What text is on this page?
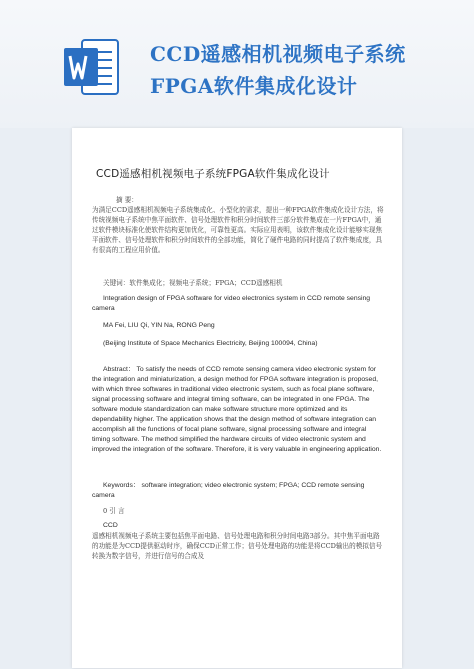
CCD遥感相机视频电子系统
FPGA软件集成化设计
CCD遥感相机视频电子系统FPGA软件集成化设计

摘 要：
为满足CCD遥感相机视频电子系统集成化、小型化的需求，提出一种FPGA软件集成化设计方法，将传统视频电子系统中焦平面软件、信号处理软件和积分时间软件三部分软件集成在一片FPGA中，通过软件模块标准化使软件结构更加优化，可靠性更高。实际应用表明，该软件集成化设计能够实现焦平面软件、信号处理软件和积分时间软件的全部功能，简化了硬件电路的同时提高了软件集成度，具有很高的工程应用价值。

关键词：软件集成化；视频电子系统；FPGA；CCD遥感相机

Integration design of FPGA software for video electronics system in CCD remote sensing camera

MA Fei, LIU Qi, YIN Na, RONG Peng

(Beijing Institute of Space Mechanics Electricity, Beijing 100094, China)

Abstract： To satisfy the needs of CCD remote sensing camera video electronic system for the integration and miniaturization, a design method for FPGA software integration is proposed, with which three softwares in traditional video electronic system, such as focal plane software, signal processing software and integral timing software, can be integrated in one FPGA. The software module standardization can make software structure more optimized and its dependability higher. The application shows that the design method of software integration can accomplish all the functions of focal plane software, signal processing software and integral timing software. The method simplified the hardware circuits of video electronic system and improved the integration of the software. Therefore, it is very valuable in engineering application.

Keywords： software integration; video electronic system; FPGA; CCD remote sensing camera

0 引 言

CCD

遥感相机视频电子系统主要包括焦平面电路、信号处理电路和积分时间电路3部分。其中焦平面电路的功能是为CCD提供驱动时序，确保CCD正常工作；信号处理电路的功能是将CCD输出的模拟信号转换为数字信号，并进行信号的合成及
